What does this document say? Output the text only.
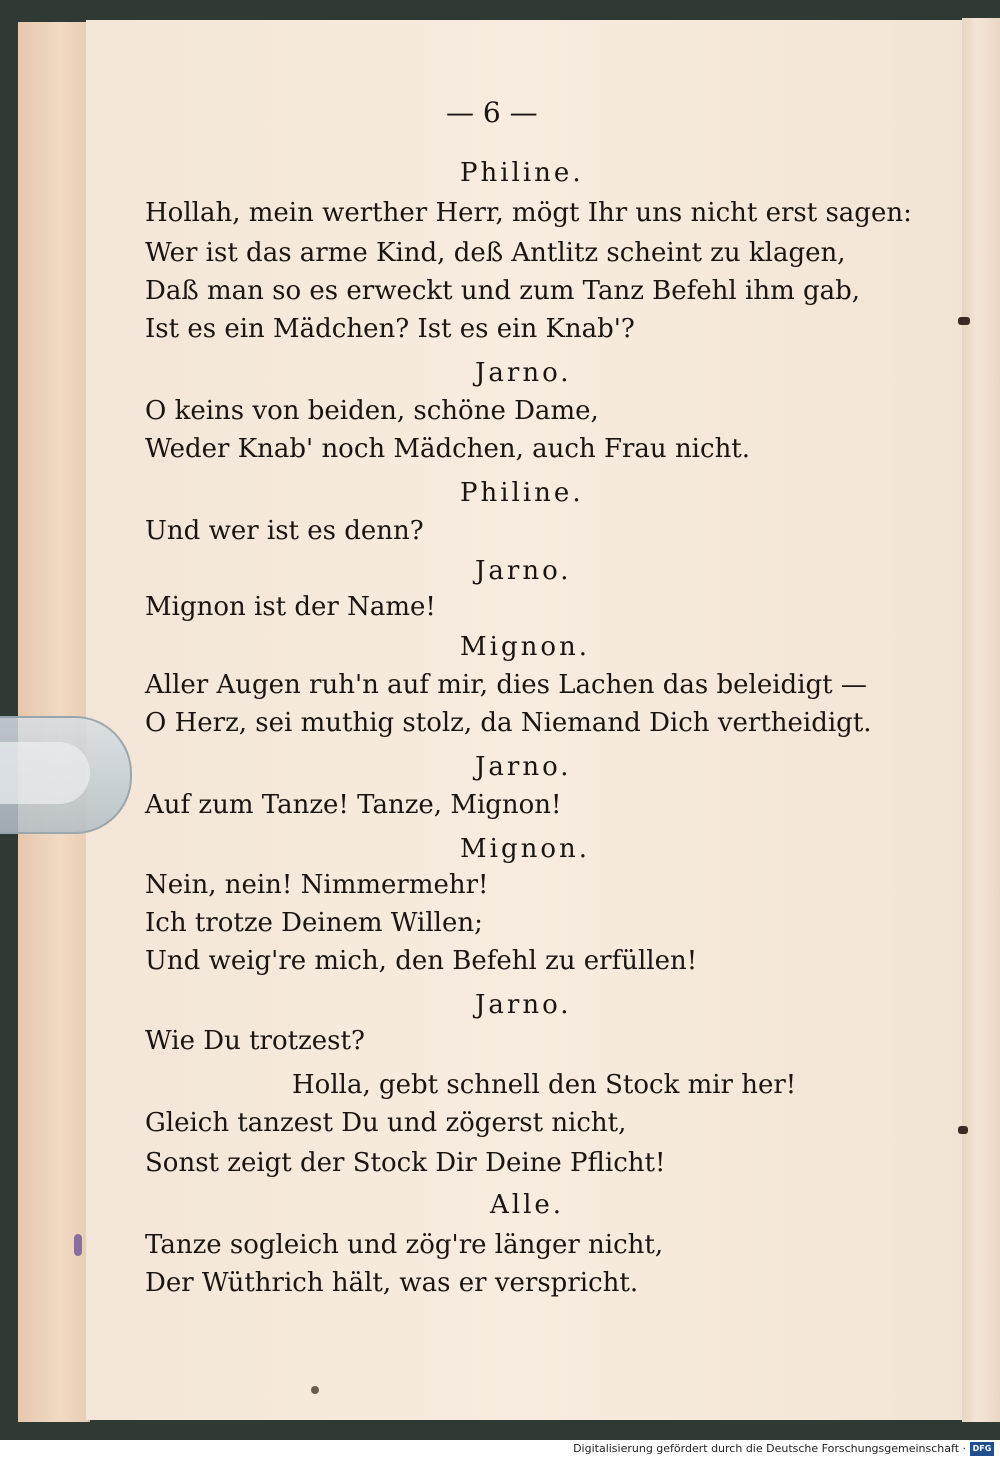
— 6 —
Philine.
Hollah, mein werther Herr, mögt Ihr uns nicht erst sagen:
Wer ist das arme Kind, deß Antlitz scheint zu klagen,
Daß man so es erweckt und zum Tanz Befehl ihm gab,
Ist es ein Mädchen? Ist es ein Knab'?
Jarno.
O keins von beiden, schöne Dame,
Weder Knab' noch Mädchen, auch Frau nicht.
Philine.
Und wer ist es denn?
Jarno.
Mignon ist der Name!
Mignon.
Aller Augen ruh'n auf mir, dies Lachen das beleidigt —
O Herz, sei muthig stolz, da Niemand Dich vertheidigt.
Jarno.
Auf zum Tanze! Tanze, Mignon!
Mignon.
Nein, nein! Nimmermehr!
Ich trotze Deinem Willen;
Und weig're mich, den Befehl zu erfüllen!
Jarno.
Wie Du trotzest?
Holla, gebt schnell den Stock mir her!
Gleich tanzest Du und zögerst nicht,
Sonst zeigt der Stock Dir Deine Pflicht!
Alle.
Tanze sogleich und zög're länger nicht,
Der Wüthrich hält, was er verspricht.
Digitalisierung gefördert durch die Deutsche Forschungsgemeinschaft · DFG
